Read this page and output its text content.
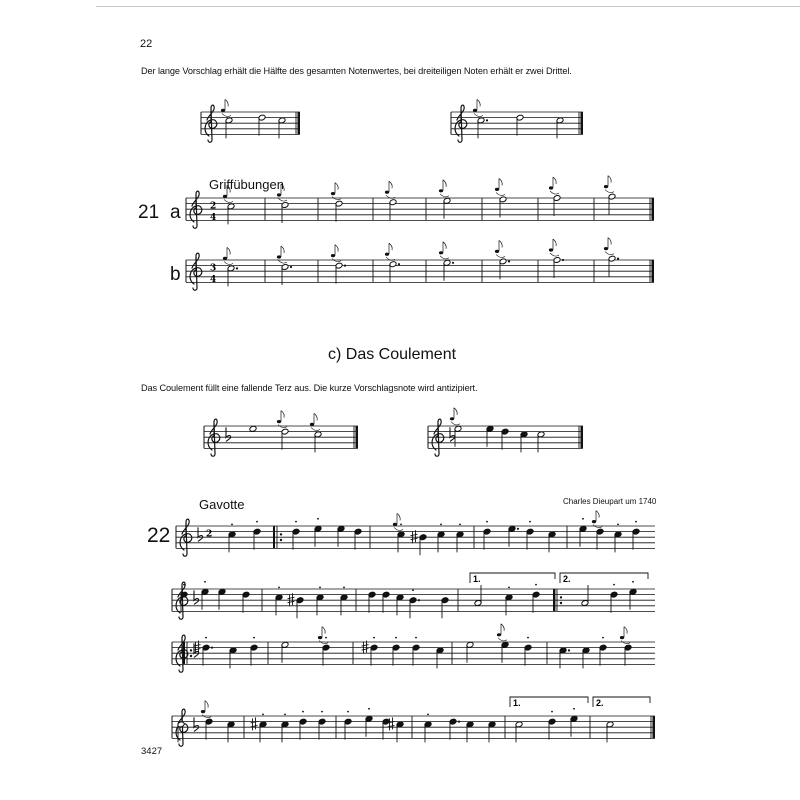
22
Der lange Vorschlag erhält die Hälfte des gesamten Notenwertes, bei dreiteiligen Noten erhält er zwei Drittel.
Griffübungen
21 a
b
c) Das Coulement
Das Coulement füllt eine fallende Terz aus. Die kurze Vorschlagsnote wird antizipiert.
Gavotte	Charles Dieupart um 1740
22
3427
2
4
3
4
2
1.	2.
1.	2.
